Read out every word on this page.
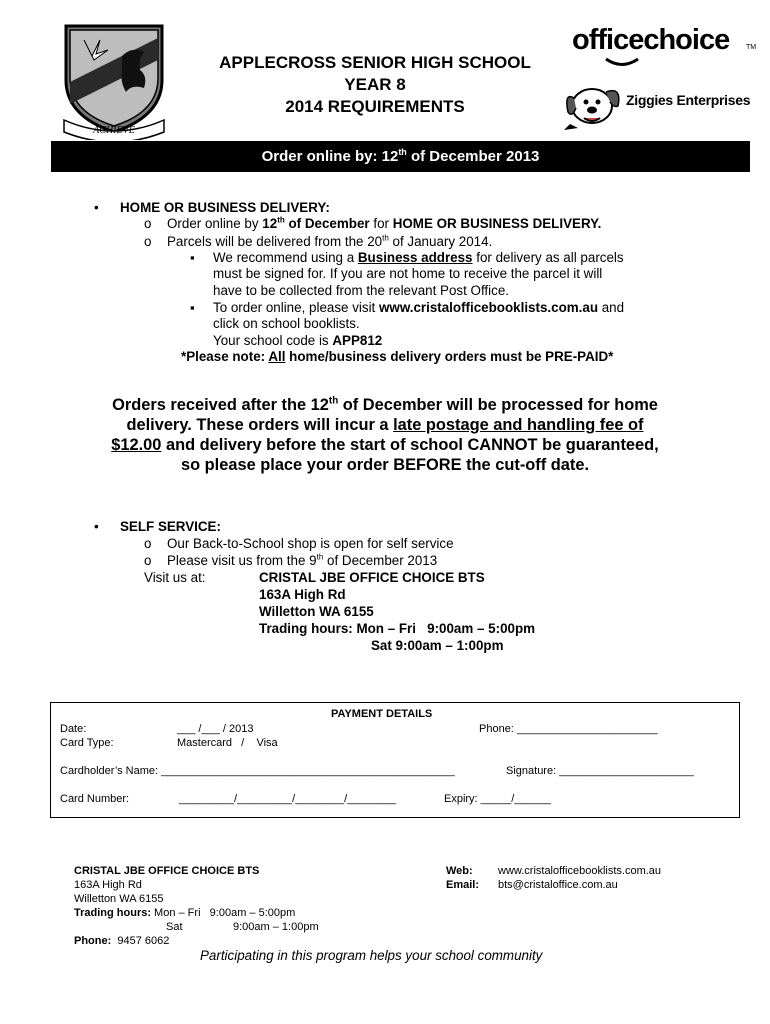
ACHIEVE
APPLECROSS SENIOR HIGH SCHOOL
YEAR 8
2014 REQUIREMENTS
officechoice TM
Ziggies Enterprises
Order online by: 12th of December 2013
• HOME OR BUSINESS DELIVERY:
o Order online by 12th of December for HOME OR BUSINESS DELIVERY.
o Parcels will be delivered from the 20th of January 2014.
▪ We recommend using a Business address for delivery as all parcels
must be signed for. If you are not home to receive the parcel it will
have to be collected from the relevant Post Office.
▪ To order online, please visit www.cristalofficebooklists.com.au and
click on school booklists.
Your school code is APP812
*Please note: All home/business delivery orders must be PRE-PAID*
Orders received after the 12th of December will be processed for home
delivery. These orders will incur a late postage and handling fee of
$12.00 and delivery before the start of school CANNOT be guaranteed,
so please place your order BEFORE the cut-off date.
• SELF SERVICE:
o Our Back-to-School shop is open for self service
o Please visit us from the 9th of December 2013
Visit us at:	CRISTAL JBE OFFICE CHOICE BTS
163A High Rd
Willetton WA 6155
Trading hours: Mon – Fri   9:00am – 5:00pm
Sat 9:00am – 1:00pm
PAYMENT DETAILS
Date:	___ /___ / 2013	Phone: _______________________
Card Type:	Mastercard   /    Visa
Cardholder’s Name: ________________________________________________	Signature: ______________________
Card Number:	_________/_________/________/________	Expiry: _____/______
CRISTAL JBE OFFICE CHOICE BTS
163A High Rd
Willetton WA 6155
Trading hours: Mon – Fri   9:00am – 5:00pm
Sat	9:00am – 1:00pm
Phone:  9457 6062
Web: www.cristalofficebooklists.com.au
Email: bts@cristaloffice.com.au
Participating in this program helps your school community
